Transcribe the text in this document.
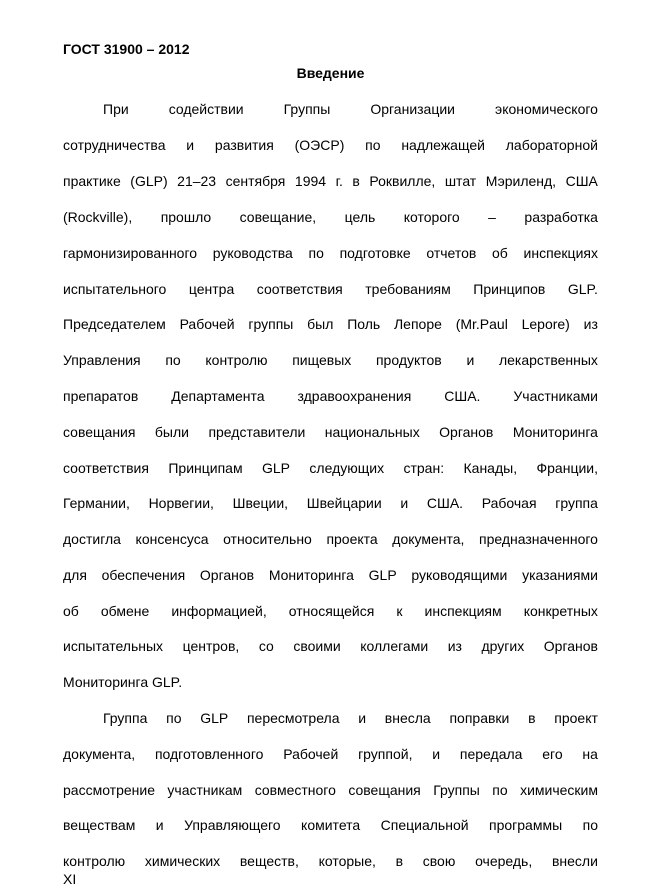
ГОСТ 31900 – 2012
Введение
При	содействии	Группы	Организации	экономического
сотрудничества и развития (ОЭСР) по надлежащей лабораторной
практике (GLP) 21–23 сентября 1994 г. в Роквилле, штат Мэриленд, США
(Rockville), прошло совещание, цель которого – разработка
гармонизированного руководства по подготовке отчетов об инспекциях
испытательного центра соответствия требованиям Принципов GLP.
Председателем Рабочей группы был Поль Лепоре (Mr.Paul Lepore) из
Управления по контролю пищевых продуктов и лекарственных
препаратов Департамента здравоохранения США. Участниками
совещания были представители национальных Органов Мониторинга
соответствия Принципам GLP следующих стран: Канады, Франции,
Германии, Норвегии, Швеции, Швейцарии и США. Рабочая группа
достигла консенсуса относительно проекта документа, предназначенного
для обеспечения Органов Мониторинга GLP руководящими указаниями
об обмене информацией, относящейся к инспекциям конкретных
испытательных центров, со своими коллегами из других Органов
Мониторинга GLP.
Группа по GLP пересмотрела и внесла поправки в проект
документа, подготовленного Рабочей группой, и передала его на
рассмотрение участникам совместного совещания Группы по химическим
веществам и Управляющего комитета Специальной программы по
контролю химических веществ, которые, в свою очередь, внесли
XI
